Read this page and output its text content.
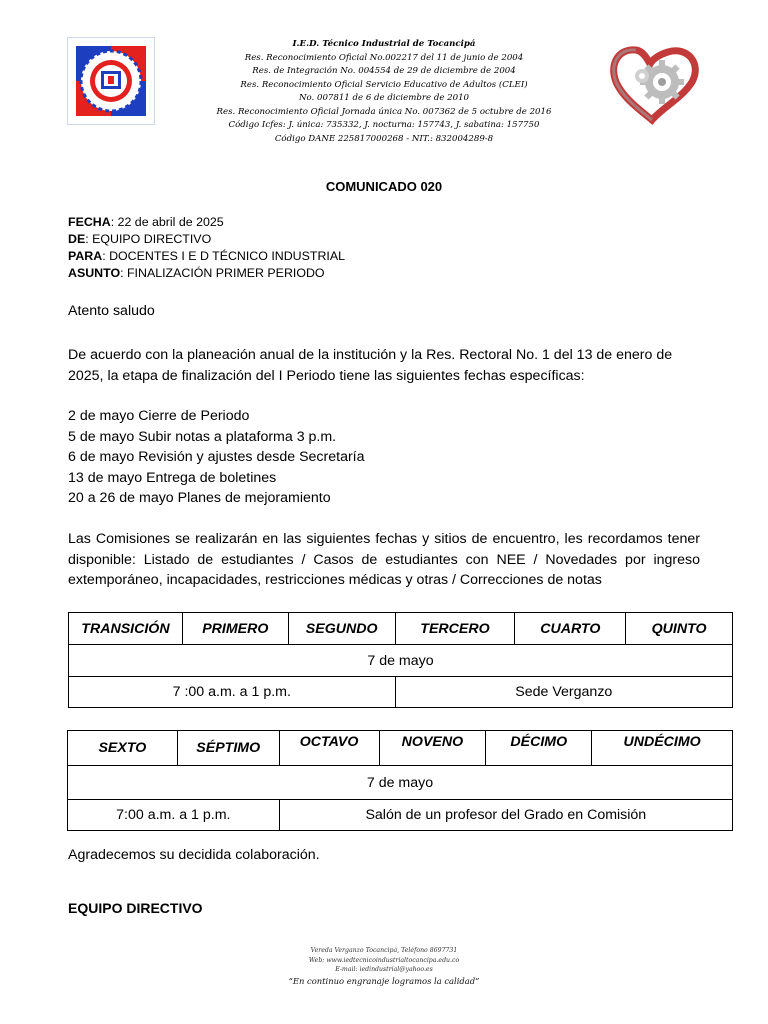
I.E.D. Técnico Industrial de Tocancipá
Res. Reconocimiento Oficial No.002217 del 11 de junio de 2004
Res. de Integración No. 004554 de 29 de diciembre de 2004
Res. Reconocimiento Oficial Servicio Educativo de Adultos (CLEI)
No. 007811 de 6 de diciembre de 2010
Res. Reconocimiento Oficial Jornada única No. 007362 de 5 octubre de 2016
Código Icfes: J. única: 735332, J. nocturna: 157743, J. sabatina: 157750
Código DANE 225817000268 - NIT.: 832004289-8
COMUNICADO 020
FECHA: 22 de abril de 2025
DE: EQUIPO DIRECTIVO
PARA: DOCENTES I E D TÉCNICO INDUSTRIAL
ASUNTO: FINALIZACIÓN PRIMER PERIODO
Atento saludo
De acuerdo con la planeación anual de la institución y la Res. Rectoral No. 1 del 13 de enero de 2025, la etapa de finalización del I Periodo tiene las siguientes fechas específicas:
2 de mayo Cierre de Periodo
5 de mayo Subir notas a plataforma 3 p.m.
6 de mayo Revisión y ajustes desde Secretaría
13 de mayo Entrega de boletines
20 a 26 de mayo Planes de mejoramiento
Las Comisiones se realizarán en las siguientes fechas y sitios de encuentro, les recordamos tener disponible: Listado de estudiantes / Casos de estudiantes con NEE / Novedades por ingreso extemporáneo, incapacidades, restricciones médicas y otras / Correcciones de notas
TRANSICIÓN	PRIMERO	SEGUNDO	TERCERO	CUARTO	QUINTO
7 de mayo					
7 :00 a.m. a 1 p.m.			Sede Verganzo		
SEXTO	SÉPTIMO	OCTAVO	NOVENO	DÉCIMO	UNDÉCIMO
7 de mayo					
7:00 a.m. a 1 p.m.		Salón de un profesor del Grado en Comisión			
Agradecemos su decidida colaboración.
EQUIPO DIRECTIVO
Vereda Verganzo Tocancipá, Teléfono 8697731
Web: www.iedtecnicoindustrialtocancipa.edu.co
E-mail: iedindustrial@yahoo.es
“En continuo engranaje logramos la calidad”
